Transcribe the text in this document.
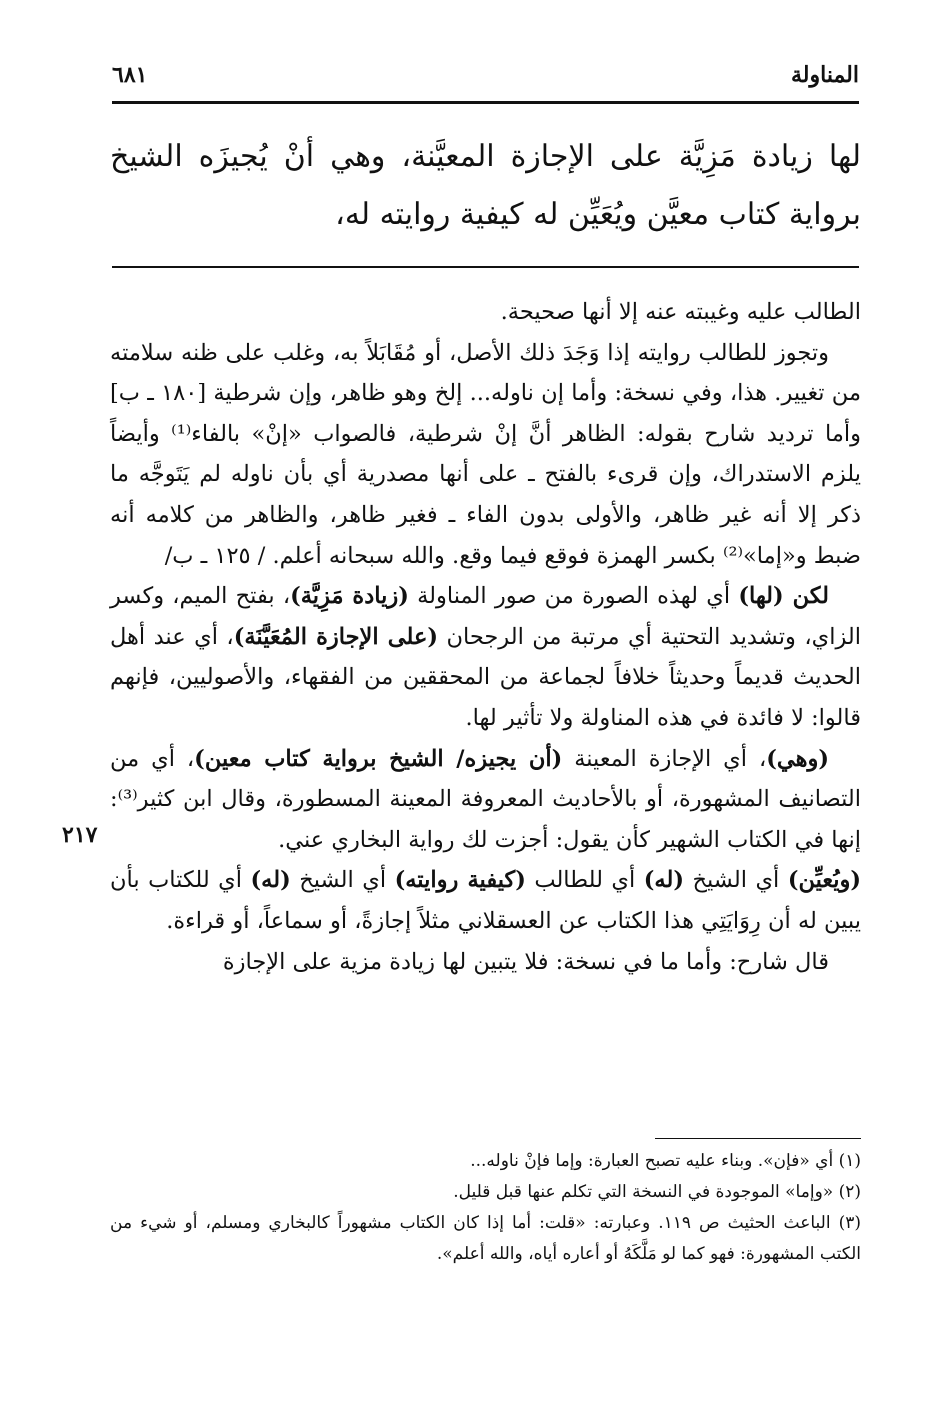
المناولة
٦٨١
لها زيادة مَزِيَّة على الإجازة المعيَّنة، وهي أنْ يُجيزَه الشيخ برواية كتاب معيَّن ويُعَيِّن له كيفية روايته له،

الطالب عليه وغيبته عنه إلا أنها صحيحة.

وتجوز للطالب روايته إذا وَجَدَ ذلك الأصل، أو مُقَابَلاً به، وغلب على ظنه سلامته من تغيير. هذا، وفي نسخة: وأما إن ناوله... إلخ وهو ظاهر، وإن شرطية [١٨٠ ـ ب] وأما ترديد شارح بقوله: الظاهر أنَّ إنْ شرطية، فالصواب «إنْ» بالفاء⁽¹⁾ وأيضاً يلزم الاستدراك، وإن قرىء بالفتح ـ على أنها مصدرية أي بأن ناوله لم يَتَوجَّه ما ذكر إلا أنه غير ظاهر، والأولى بدون الفاء ـ فغير ظاهر، والظاهر من كلامه أنه ضبط و«إما»⁽²⁾ بكسر الهمزة فوقع فيما وقع. والله سبحانه أعلم. / ١٢٥ ـ ب/

لكن (لها) أي لهذه الصورة من صور المناولة (زيادة مَزِيَّة)، بفتح الميم، وكسر الزاي، وتشديد التحتية أي مرتبة من الرجحان (على الإجازة المُعَيَّنَة)، أي عند أهل الحديث قديماً وحديثاً خلافاً لجماعة من المحققين من الفقهاء، والأصوليين، فإنهم قالوا: لا فائدة في هذه المناولة ولا تأثير لها.

(وهي)، أي الإجازة المعينة (أن يجيزه/ الشيخ برواية كتاب معين)، أي من التصانيف المشهورة، أو بالأحاديث المعروفة المعينة المسطورة، وقال ابن كثير⁽³⁾: إنها في الكتاب الشهير كأن يقول: أجزت لك رواية البخاري عني.

(ويُعيِّن) أي الشيخ (له) أي للطالب (كيفية روايته) أي الشيخ (له) أي للكتاب بأن يبين له أن رِوَايَتِي هذا الكتاب عن العسقلاني مثلاً إجازةً، أو سماعاً، أو قراءة.

قال شارح: وأما ما في نسخة: فلا يتبين لها زيادة مزية على الإجازة

٢١٧

(١) أي «فإن». وبناء عليه تصبح العبارة: وإما فإنْ ناوله...

(٢) «وإما» الموجودة في النسخة التي تكلم عنها قبل قليل.

(٣) الباعث الحثيث ص ١١٩. وعبارته: «قلت: أما إذا كان الكتاب مشهوراً كالبخاري ومسلم، أو شيء من الكتب المشهورة: فهو كما لو مَلَّكَهُ أو أعاره أياه، والله أعلم».
